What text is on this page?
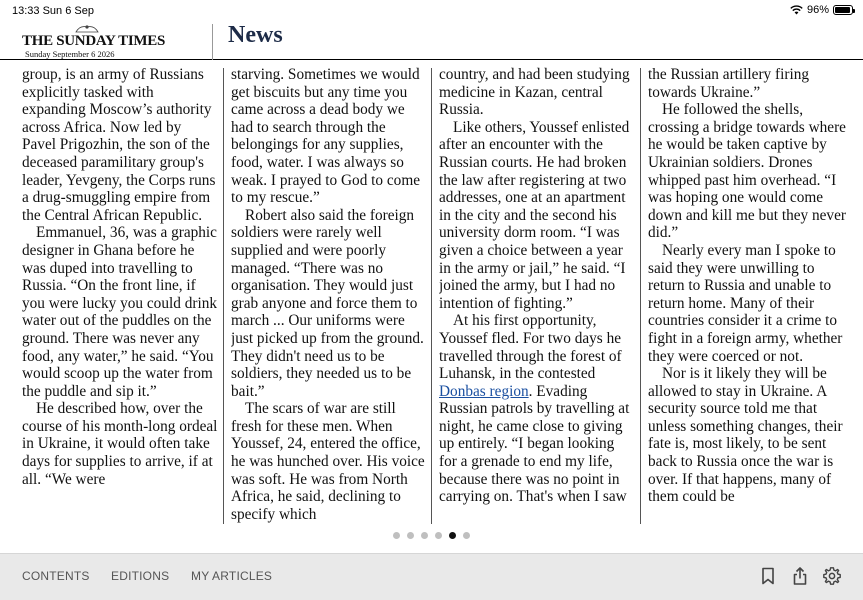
13:33 Sun 6 Sep	96%
THE SUNDAY TIMES
Sunday September 6 2026
News

group, is an army of Russians explicitly tasked with expanding Moscow’s authority across Africa. Now led by Pavel Prigozhin, the son of the deceased paramilitary group's leader, Yevgeny, the Corps runs a drug-smuggling empire from the Central African Republic.

Emmanuel, 36, was a graphic designer in Ghana before he was duped into travelling to Russia. “On the front line, if you were lucky you could drink water out of the puddles on the ground. There was never any food, any water,” he said. “You would scoop up the water from the puddle and sip it.”

He described how, over the course of his month-long ordeal in Ukraine, it would often take days for supplies to arrive, if at all. “We were

starving. Sometimes we would get biscuits but any time you came across a dead body we had to search through the belongings for any supplies, food, water. I was always so weak. I prayed to God to come to my rescue.”

Robert also said the foreign soldiers were rarely well supplied and were poorly managed. “There was no organisation. They would just grab anyone and force them to march ... Our uniforms were just picked up from the ground. They didn't need us to be soldiers, they needed us to be bait.”

The scars of war are still fresh for these men. When Youssef, 24, entered the office, he was hunched over. His voice was soft. He was from North Africa, he said, declining to specify which

country, and had been studying medicine in Kazan, central Russia.

Like others, Youssef enlisted after an encounter with the Russian courts. He had broken the law after registering at two addresses, one at an apartment in the city and the second his university dorm room. “I was given a choice between a year in the army or jail,” he said. “I joined the army, but I had no intention of fighting.”

At his first opportunity, Youssef fled. For two days he travelled through the forest of Luhansk, in the contested Donbas region. Evading Russian patrols by travelling at night, he came close to giving up entirely. “I began looking for a grenade to end my life, because there was no point in carrying on. That's when I saw

the Russian artillery firing towards Ukraine.”

He followed the shells, crossing a bridge towards where he would be taken captive by Ukrainian soldiers. Drones whipped past him overhead. “I was hoping one would come down and kill me but they never did.”

Nearly every man I spoke to said they were unwilling to return to Russia and unable to return home. Many of their countries consider it a crime to fight in a foreign army, whether they were coerced or not.

Nor is it likely they will be allowed to stay in Ukraine. A security source told me that unless something changes, their fate is, most likely, to be sent back to Russia once the war is over. If that happens, many of them could be

CONTENTS EDITIONS MY ARTICLES
